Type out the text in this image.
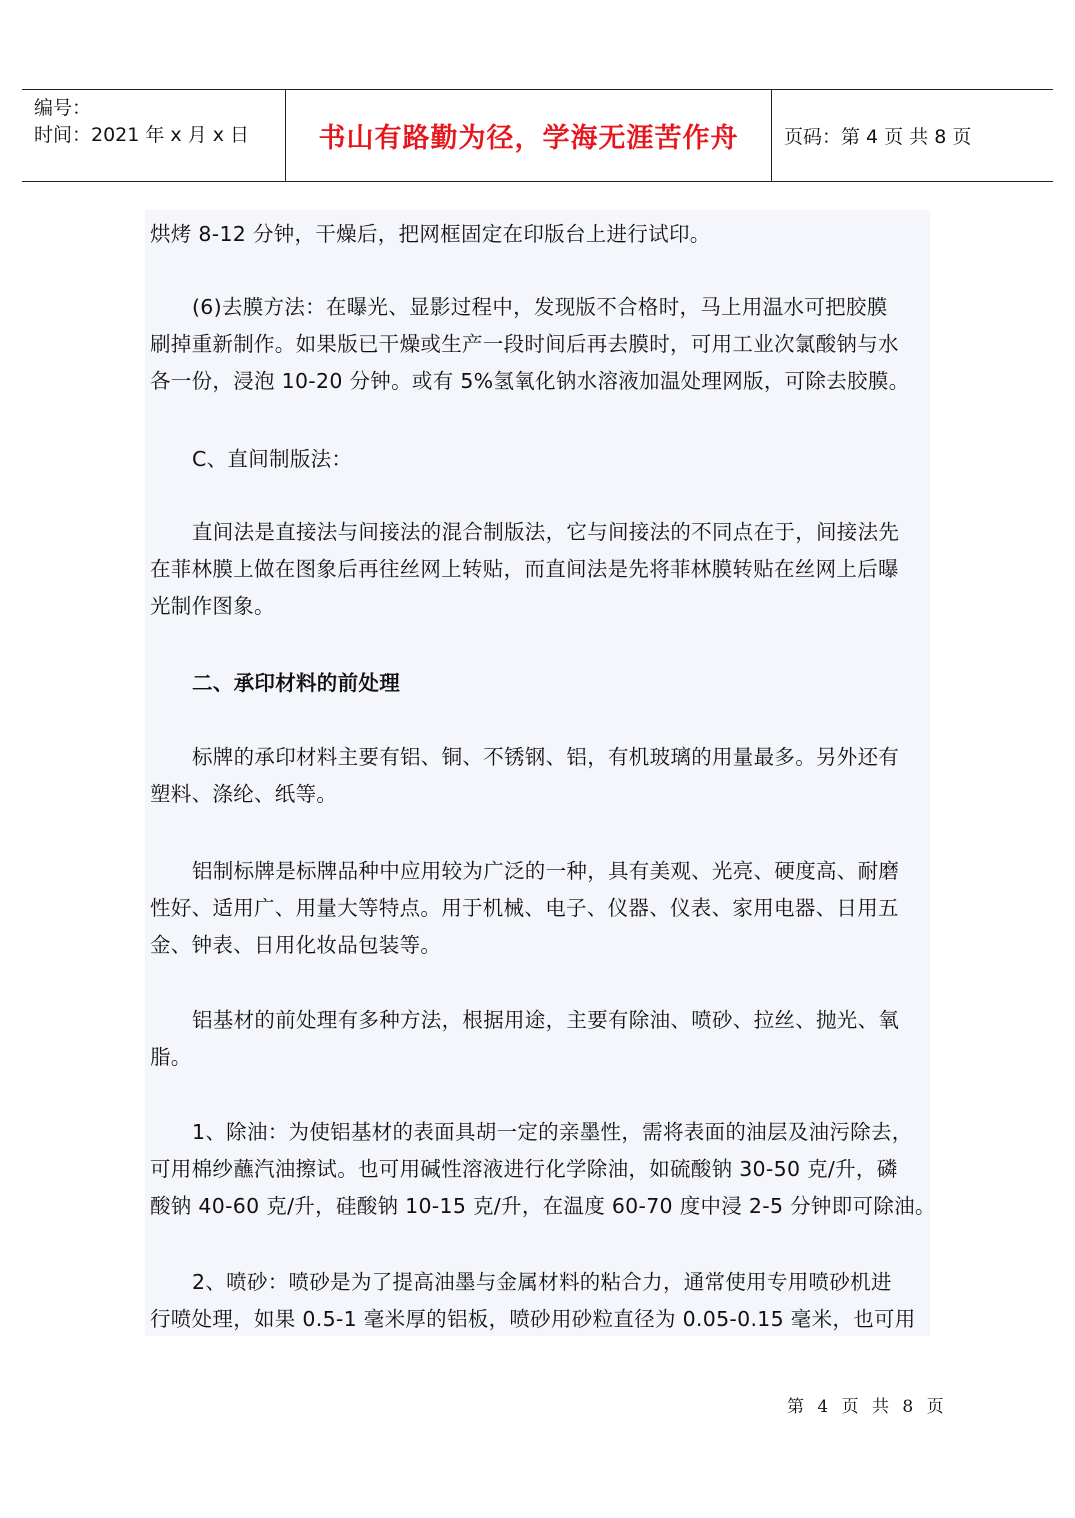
编号：
时间：2021 年 x 月 x 日	书山有路勤为径，学海无涯苦作舟	页码：第 4 页 共 8 页
烘烤 8-12 分钟，干燥后，把网框固定在印版台上进行试印。
(6)去膜方法：在曝光、显影过程中，发现版不合格时，马上用温水可把胶膜
刷掉重新制作。如果版已干燥或生产一段时间后再去膜时，可用工业次氯酸钠与水
各一份，浸泡 10-20 分钟。或有 5%氢氧化钠水溶液加温处理网版，可除去胶膜。
C、直间制版法：
直间法是直接法与间接法的混合制版法，它与间接法的不同点在于，间接法先
在菲林膜上做在图象后再往丝网上转贴，而直间法是先将菲林膜转贴在丝网上后曝
光制作图象。
二、承印材料的前处理
标牌的承印材料主要有铝、铜、不锈钢、铝，有机玻璃的用量最多。另外还有
塑料、涤纶、纸等。
铝制标牌是标牌品种中应用较为广泛的一种，具有美观、光亮、硬度高、耐磨
性好、适用广、用量大等特点。用于机械、电子、仪器、仪表、家用电器、日用五
金、钟表、日用化妆品包装等。
铝基材的前处理有多种方法，根据用途，主要有除油、喷砂、拉丝、抛光、氧
脂。
1、除油：为使铝基材的表面具胡一定的亲墨性，需将表面的油层及油污除去，
可用棉纱蘸汽油擦试。也可用碱性溶液进行化学除油，如硫酸钠 30-50 克/升，磷
酸钠 40-60 克/升，硅酸钠 10-15 克/升，在温度 60-70 度中浸 2-5 分钟即可除油。
2、喷砂：喷砂是为了提高油墨与金属材料的粘合力，通常使用专用喷砂机进
行喷处理，如果 0.5-1 毫米厚的铝板，喷砂用砂粒直径为 0.05-0.15 毫米，也可用
第 4 页 共 8 页
